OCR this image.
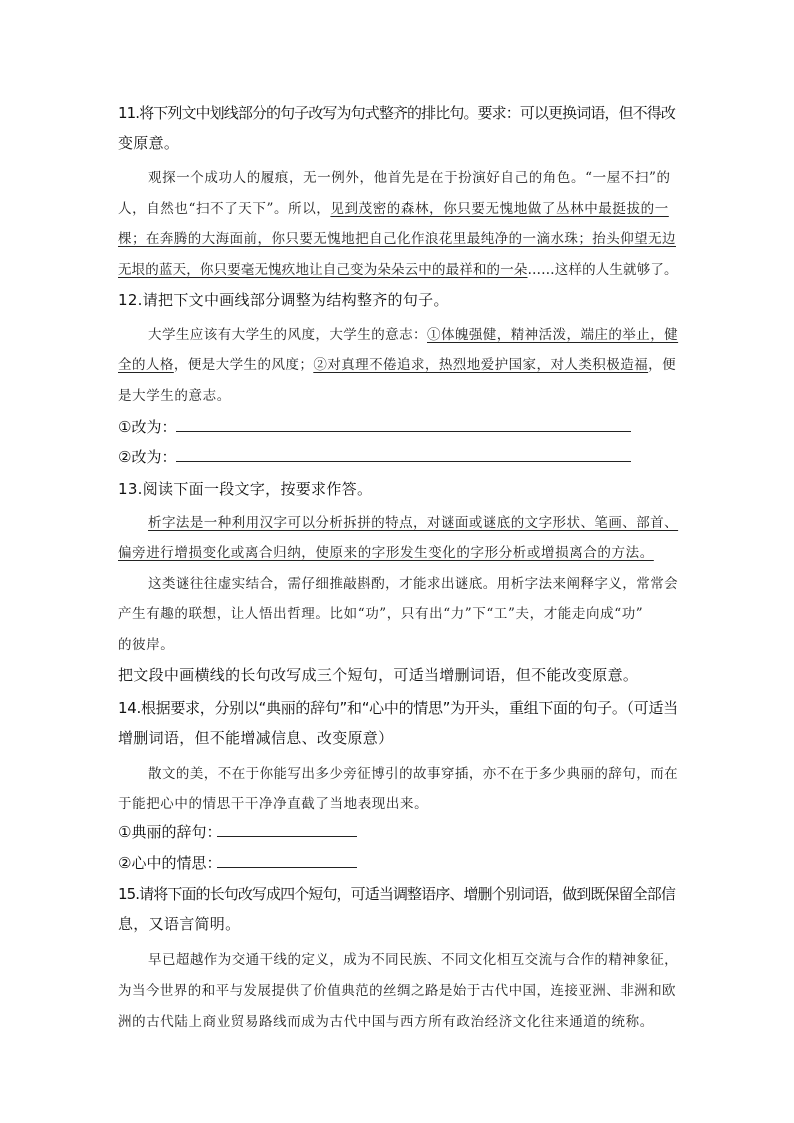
11.将下列文中划线部分的句子改写为句式整齐的排比句。要求：可以更换词语，但不得改
变原意。
观探一个成功人的履痕，无一例外，他首先是在于扮演好自己的角色。“一屋不扫”的
人，自然也“扫不了天下”。所以，见到茂密的森林，你只要无愧地做了丛林中最挺拔的一
棵；在奔腾的大海面前，你只要无愧地把自己化作浪花里最纯净的一滴水珠；抬头仰望无边
无垠的蓝天，你只要毫无愧疚地让自己变为朵朵云中的最祥和的一朵……这样的人生就够了。
12.请把下文中画线部分调整为结构整齐的句子。
大学生应该有大学生的风度，大学生的意志：①体魄强健，精神活泼，端庄的举止，健
全的人格，便是大学生的风度；②对真理不倦追求，热烈地爱护国家，对人类积极造福，便
是大学生的意志。
①改为：
②改为：
13.阅读下面一段文字，按要求作答。
析字法是一种利用汉字可以分析拆拼的特点，对谜面或谜底的文字形状、笔画、部首、
偏旁进行增损变化或离合归纳，使原来的字形发生变化的字形分析或增损离合的方法。
这类谜往往虚实结合，需仔细推敲斟酌，才能求出谜底。用析字法来阐释字义，常常会
产生有趣的联想，让人悟出哲理。比如“功”，只有出“力”下“工”夫，才能走向成“功”
的彼岸。
把文段中画横线的长句改写成三个短句，可适当增删词语，但不能改变原意。
14.根据要求，分别以“典丽的辞句”和“心中的情思”为开头，重组下面的句子。（可适当
增删词语，但不能增减信息、改变原意）
散文的美，不在于你能写出多少旁征博引的故事穿插，亦不在于多少典丽的辞句，而在
于能把心中的情思干干净净直截了当地表现出来。
①典丽的辞句：
②心中的情思：
15.请将下面的长句改写成四个短句，可适当调整语序、增删个别词语，做到既保留全部信
息，又语言简明。
早已超越作为交通干线的定义，成为不同民族、不同文化相互交流与合作的精神象征，
为当今世界的和平与发展提供了价值典范的丝绸之路是始于古代中国，连接亚洲、非洲和欧
洲的古代陆上商业贸易路线而成为古代中国与西方所有政治经济文化往来通道的统称。
